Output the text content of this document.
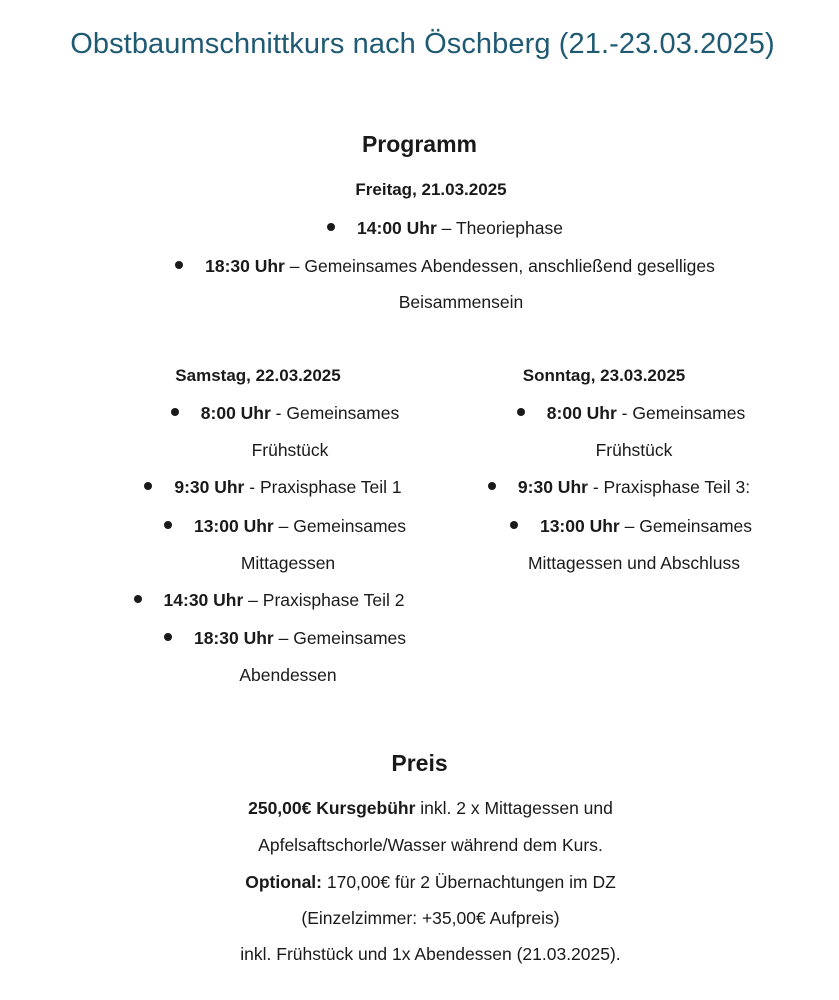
Obstbaumschnittkurs nach Öschberg (21.-23.03.2025)
Programm
Freitag, 21.03.2025
14:00 Uhr – Theoriephase
18:30 Uhr – Gemeinsames Abendessen, anschließend geselliges
Beisammensein
Samstag, 22.03.2025
8:00 Uhr - Gemeinsames
Frühstück
9:30 Uhr - Praxisphase Teil 1
13:00 Uhr – Gemeinsames
Mittagessen
14:30 Uhr – Praxisphase Teil 2
18:30 Uhr – Gemeinsames
Abendessen
Sonntag, 23.03.2025
8:00 Uhr - Gemeinsames
Frühstück
9:30 Uhr - Praxisphase Teil 3:
13:00 Uhr – Gemeinsames
Mittagessen und Abschluss
Preis
250,00€ Kursgebühr inkl. 2 x Mittagessen und
Apfelsaftschorle/Wasser während dem Kurs.
Optional: 170,00€ für 2 Übernachtungen im DZ
(Einzelzimmer: +35,00€ Aufpreis)
inkl. Frühstück und 1x Abendessen (21.03.2025).
